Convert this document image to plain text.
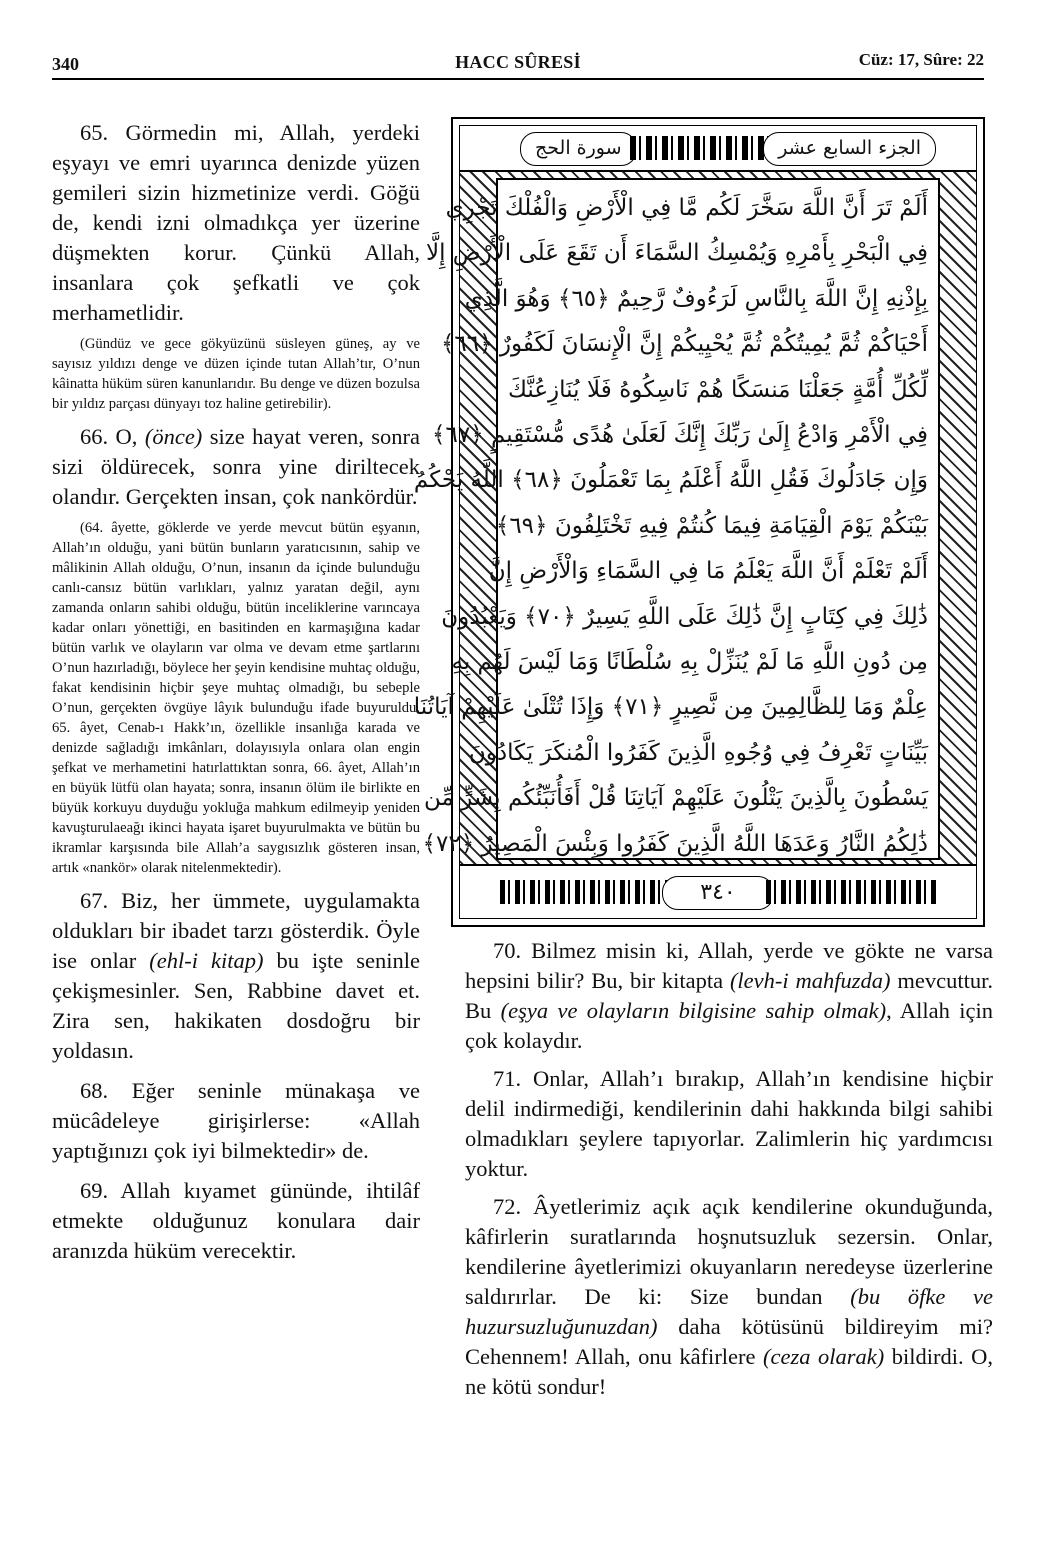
340	HACC SÛRESİ	Cüz: 17, Sûre: 22

65. Görmedin mi, Allah, yerdeki eşyayı ve emri uyarınca denizde yüzen gemileri sizin hizmetinize verdi. Göğü de, kendi izni olmadıkça yer üzerine düşmekten korur. Çünkü Allah, insanlara çok şefkatli ve çok merhametlidir.

(Gündüz ve gece gökyüzünü süsleyen güneş, ay ve sayısız yıldızı denge ve düzen içinde tutan Allah’tır, O’nun kâinatta hüküm süren kanunlarıdır. Bu denge ve düzen bozulsa bir yıldız parçası dünyayı toz haline getirebilir).

66. O, (önce) size hayat veren, sonra sizi öldürecek, sonra yine diriltecek olandır. Gerçekten insan, çok nankördür.

(64. âyette, göklerde ve yerde mevcut bütün eşyanın, Allah’ın olduğu, yani bütün bunların yaratıcısının, sahip ve mâlikinin Allah olduğu, O’nun, insanın da içinde bulunduğu canlı-cansız bütün varlıkları, yalnız yaratan değil, aynı zamanda onların sahibi olduğu, bütün inceliklerine varıncaya kadar onları yönettiği, en basitinden en karmaşığına kadar bütün varlık ve olayların var olma ve devam etme şartlarını O’nun hazırladığı, böylece her şeyin kendisine muhtaç olduğu, fakat kendisinin hiçbir şeye muhtaç olmadığı, bu sebeple O’nun, gerçekten övgüye lâyık bulunduğu ifade buyuruldu. 65. âyet, Cenab-ı Hakk’ın, özellikle insanlığa karada ve denizde sağladığı imkânları, dolayısıyla onlara olan engin şefkat ve merhametini hatırlattıktan sonra, 66. âyet, Allah’ın en büyük lütfü olan hayata; sonra, insanın ölüm ile birlikte en büyük korkuyu duyduğu yokluğa mahkum edilmeyip yeniden kavuşturulaeağı ikinci hayata işaret buyurulmakta ve bütün bu ikramlar karşısında bile Allah’a saygısızlık gösteren insan, artık «nankör» olarak nitelenmektedir).

67. Biz, her ümmete, uygulamakta oldukları bir ibadet tarzı gösterdik. Öyle ise onlar (ehl-i kitap) bu işte seninle çekişmesinler. Sen, Rabbine davet et. Zira sen, hakikaten dosdoğru bir yoldasın.

68. Eğer seninle münakaşa ve mücâdeleye girişirlerse: «Allah yaptığınızı çok iyi bilmektedir» de.

69. Allah kıyamet gününde, ihtilâf etmekte olduğunuz konulara dair aranızda hüküm verecektir.

سورة الحج	الجزء السابع عشر
أَلَمْ تَرَ أَنَّ اللَّهَ سَخَّرَ لَكُم مَّا فِي الْأَرْضِ وَالْفُلْكَ تَجْرِي
فِي الْبَحْرِ بِأَمْرِهِ وَيُمْسِكُ السَّمَاءَ أَن تَقَعَ عَلَى الْأَرْضِ إِلَّا
بِإِذْنِهِ إِنَّ اللَّهَ بِالنَّاسِ لَرَءُوفٌ رَّحِيمٌ ﴿٦٥﴾ وَهُوَ الَّذِي
أَحْيَاكُمْ ثُمَّ يُمِيتُكُمْ ثُمَّ يُحْيِيكُمْ إِنَّ الْإِنسَانَ لَكَفُورٌ ﴿٦٦﴾
لِّكُلِّ أُمَّةٍ جَعَلْنَا مَنسَكًا هُمْ نَاسِكُوهُ فَلَا يُنَازِعُنَّكَ
فِي الْأَمْرِ وَادْعُ إِلَىٰ رَبِّكَ إِنَّكَ لَعَلَىٰ هُدًى مُّسْتَقِيمٍ ﴿٦٧﴾
وَإِن جَادَلُوكَ فَقُلِ اللَّهُ أَعْلَمُ بِمَا تَعْمَلُونَ ﴿٦٨﴾ اللَّهُ يَحْكُمُ
بَيْنَكُمْ يَوْمَ الْقِيَامَةِ فِيمَا كُنتُمْ فِيهِ تَخْتَلِفُونَ ﴿٦٩﴾
أَلَمْ تَعْلَمْ أَنَّ اللَّهَ يَعْلَمُ مَا فِي السَّمَاءِ وَالْأَرْضِ إِنَّ
ذَٰلِكَ فِي كِتَابٍ إِنَّ ذَٰلِكَ عَلَى اللَّهِ يَسِيرٌ ﴿٧٠﴾ وَيَعْبُدُونَ
مِن دُونِ اللَّهِ مَا لَمْ يُنَزِّلْ بِهِ سُلْطَانًا وَمَا لَيْسَ لَهُم بِهِ
عِلْمٌ وَمَا لِلظَّالِمِينَ مِن نَّصِيرٍ ﴿٧١﴾ وَإِذَا تُتْلَىٰ عَلَيْهِمْ آيَاتُنَا
بَيِّنَاتٍ تَعْرِفُ فِي وُجُوهِ الَّذِينَ كَفَرُوا الْمُنكَرَ يَكَادُونَ
يَسْطُونَ بِالَّذِينَ يَتْلُونَ عَلَيْهِمْ آيَاتِنَا قُلْ أَفَأُنَبِّئُكُم بِشَرٍّ مِّن
ذَٰلِكُمُ النَّارُ وَعَدَهَا اللَّهُ الَّذِينَ كَفَرُوا وَبِئْسَ الْمَصِيرُ ﴿٧٢﴾
٣٤٠

70. Bilmez misin ki, Allah, yerde ve gökte ne varsa hepsini bilir? Bu, bir kitapta (levh-i mahfuzda) mevcuttur. Bu (eşya ve olayların bilgisine sahip olmak), Allah için çok kolaydır.

71. Onlar, Allah’ı bırakıp, Allah’ın kendisine hiçbir delil indirmediği, kendilerinin dahi hakkında bilgi sahibi olmadıkları şeylere tapıyorlar. Zalimlerin hiç yardımcısı yoktur.

72. Âyetlerimiz açık açık kendilerine okunduğunda, kâfirlerin suratlarında hoşnutsuzluk sezersin. Onlar, kendilerine âyetlerimizi okuyanların neredeyse üzerlerine saldırırlar. De ki: Size bundan (bu öfke ve huzursuzluğunuzdan) daha kötüsünü bildireyim mi? Cehennem! Allah, onu kâfirlere (ceza olarak) bildirdi. O, ne kötü sondur!
